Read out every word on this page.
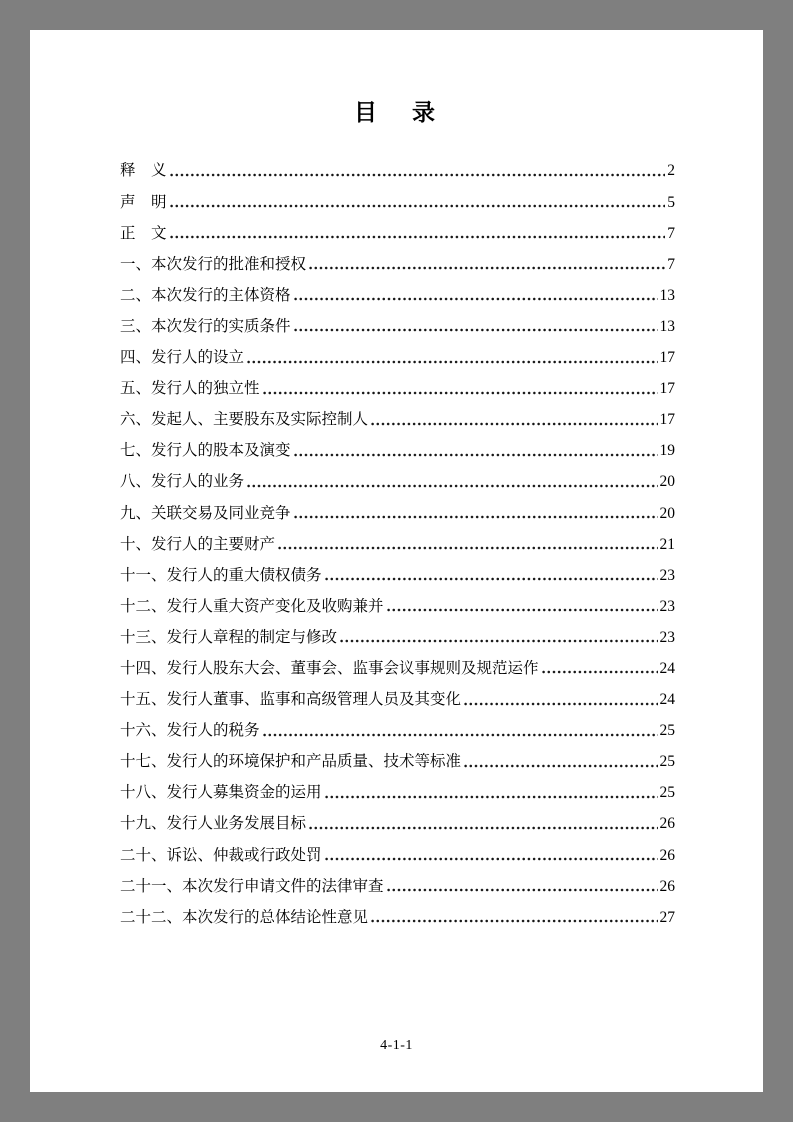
目　录
释　义	2
声　明	5
正　文	7
一、本次发行的批准和授权	7
二、本次发行的主体资格	13
三、本次发行的实质条件	13
四、发行人的设立	17
五、发行人的独立性	17
六、发起人、主要股东及实际控制人	17
七、发行人的股本及演变	19
八、发行人的业务	20
九、关联交易及同业竞争	20
十、发行人的主要财产	21
十一、发行人的重大债权债务	23
十二、发行人重大资产变化及收购兼并	23
十三、发行人章程的制定与修改	23
十四、发行人股东大会、董事会、监事会议事规则及规范运作	24
十五、发行人董事、监事和高级管理人员及其变化	24
十六、发行人的税务	25
十七、发行人的环境保护和产品质量、技术等标准	25
十八、发行人募集资金的运用	25
十九、发行人业务发展目标	26
二十、诉讼、仲裁或行政处罚	26
二十一、本次发行申请文件的法律审查	26
二十二、本次发行的总体结论性意见	27
4-1-1
